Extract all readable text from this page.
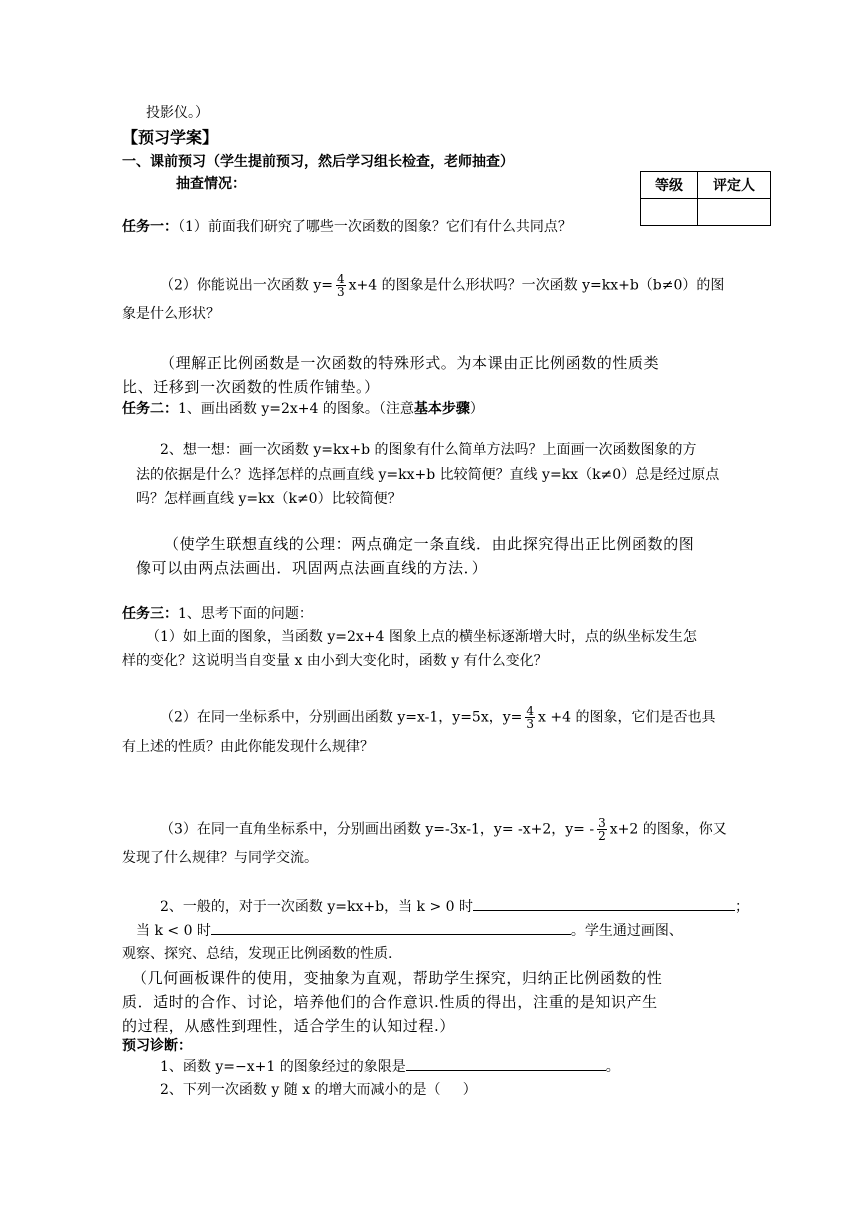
投影仪。）
【预习学案】
一、课前预习（学生提前预习，然后学习组长检查，老师抽查）
抽查情况：	等级	评定人

任务一：（1）前面我们研究了哪些一次函数的图象？它们有什么共同点？
（2）你能说出一次函数 $y= \frac{4}{3} x+4$ 的图象是什么形状吗？一次函数 y=kx+b（b≠0）的图
象是什么形状？
（理解正比例函数是一次函数的特殊形式。为本课由正比例函数的性质类
比、迁移到一次函数的性质作铺垫。）
任务二：1、画出函数 y=2x+4 的图象。（注意基本步骤）
2、想一想：画一次函数 y=kx+b 的图象有什么简单方法吗？上面画一次函数图象的方
法的依据是什么？选择怎样的点画直线 y=kx+b 比较简便？直线 y=kx（k≠0）总是经过原点
吗？怎样画直线 y=kx（k≠0）比较简便？
（使学生联想直线的公理：两点确定一条直线．由此探究得出正比例函数的图
像可以由两点法画出．巩固两点法画直线的方法．）
任务三：1、思考下面的问题：
（1）如上面的图象，当函数 y=2x+4 图象上点的横坐标逐渐增大时，点的纵坐标发生怎
样的变化？这说明当自变量 x 由小到大变化时，函数 y 有什么变化？
（2）在同一坐标系中，分别画出函数 y=x-1，y=5x，$y= \frac{4}{3}$ x +4 的图象，它们是否也具
有上述的性质？由此你能发现什么规律？
（3）在同一直角坐标系中，分别画出函数 y=-3x-1，y= -x+2，$y= - \frac{3}{2} x+2$ 的图象，你又
发现了什么规律？与同学交流。
2、一般的，对于一次函数 y=kx+b，当 k > 0 时	；
当 k < 0 时	。学生通过画图、
观察、探究、总结，发现正比例函数的性质.
（几何画板课件的使用，变抽象为直观，帮助学生探究，归纳正比例函数的性
质．适时的合作、讨论，培养他们的合作意识.性质的得出，注重的是知识产生
的过程，从感性到理性，适合学生的认知过程.）
预习诊断：
1、函数 y=−x+1 的图象经过的象限是	。
2、下列一次函数 y 随 x 的增大而减小的是（     ）
